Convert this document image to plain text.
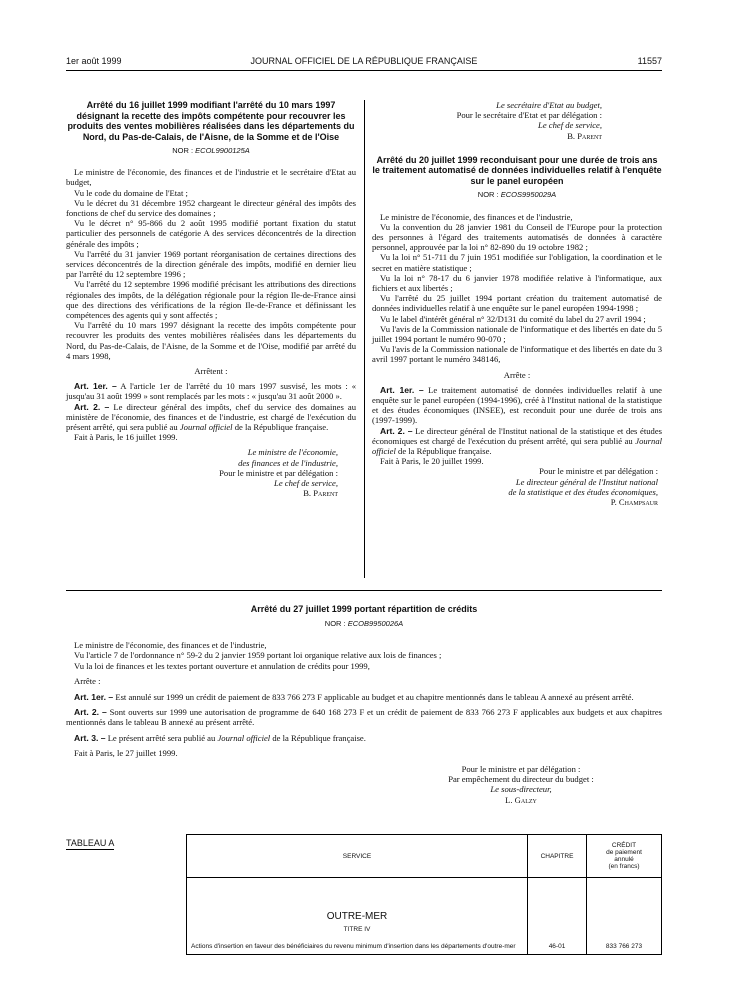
1er août 1999	JOURNAL OFFICIEL DE LA RÉPUBLIQUE FRANÇAISE	11557

Arrêté du 16 juillet 1999 modifiant l'arrêté du 10 mars 1997 désignant la recette des impôts compétente pour recouvrer les produits des ventes mobilières réalisées dans les départements du Nord, du Pas-de-Calais, de l'Aisne, de la Somme et de l'Oise

NOR : ECOL9900125A

Le ministre de l'économie, des finances et de l'industrie et le secrétaire d'Etat au budget,

Vu le code du domaine de l'Etat ;

Vu le décret du 31 décembre 1952 chargeant le directeur général des impôts des fonctions de chef du service des domaines ;

Vu le décret n° 95-866 du 2 août 1995 modifié portant fixation du statut particulier des personnels de catégorie A des services déconcentrés de la direction générale des impôts ;

Vu l'arrêté du 31 janvier 1969 portant réorganisation de certaines directions des services déconcentrés de la direction générale des impôts, modifié en dernier lieu par l'arrêté du 12 septembre 1996 ;

Vu l'arrêté du 12 septembre 1996 modifié précisant les attributions des directions régionales des impôts, de la délégation régionale pour la région Ile-de-France ainsi que des directions des vérifications de la région Ile-de-France et définissant les compétences des agents qui y sont affectés ;

Vu l'arrêté du 10 mars 1997 désignant la recette des impôts compétente pour recouvrer les produits des ventes mobilières réalisées dans les départements du Nord, du Pas-de-Calais, de l'Aisne, de la Somme et de l'Oise, modifié par arrêté du 4 mars 1998,

Arrêtent :

Art. 1er. – A l'article 1er de l'arrêté du 10 mars 1997 susvisé, les mots : « jusqu'au 31 août 1999 » sont remplacés par les mots : « jusqu'au 31 août 2000 ».

Art. 2. – Le directeur général des impôts, chef du service des domaines au ministère de l'économie, des finances et de l'industrie, est chargé de l'exécution du présent arrêté, qui sera publié au Journal officiel de la République française.

Fait à Paris, le 16 juillet 1999.

Le ministre de l'économie,
des finances et de l'industrie,
Pour le ministre et par délégation :
Le chef de service,
B. Parent
Le secrétaire d'Etat au budget,
Pour le secrétaire d'Etat et par délégation :
Le chef de service,
B. Parent

Arrêté du 20 juillet 1999 reconduisant pour une durée de trois ans le traitement automatisé de données individuelles relatif à l'enquête sur le panel européen

NOR : ECOS9950029A

Le ministre de l'économie, des finances et de l'industrie,

Vu la convention du 28 janvier 1981 du Conseil de l'Europe pour la protection des personnes à l'égard des traitements automatisés de données à caractère personnel, approuvée par la loi n° 82-890 du 19 octobre 1982 ;

Vu la loi n° 51-711 du 7 juin 1951 modifiée sur l'obligation, la coordination et le secret en matière statistique ;

Vu la loi n° 78-17 du 6 janvier 1978 modifiée relative à l'informatique, aux fichiers et aux libertés ;

Vu l'arrêté du 25 juillet 1994 portant création du traitement automatisé de données individuelles relatif à une enquête sur le panel européen 1994-1998 ;

Vu le label d'intérêt général n° 32/D131 du comité du label du 27 avril 1994 ;

Vu l'avis de la Commission nationale de l'informatique et des libertés en date du 5 juillet 1994 portant le numéro 90-070 ;

Vu l'avis de la Commission nationale de l'informatique et des libertés en date du 3 avril 1997 portant le numéro 348146,

Arrête :

Art. 1er. – Le traitement automatisé de données individuelles relatif à une enquête sur le panel européen (1994-1996), créé à l'Institut national de la statistique et des études économiques (INSEE), est reconduit pour une durée de trois ans (1997-1999).

Art. 2. – Le directeur général de l'Institut national de la statistique et des études économiques est chargé de l'exécution du présent arrêté, qui sera publié au Journal officiel de la République française.

Fait à Paris, le 20 juillet 1999.

Pour le ministre et par délégation :
Le directeur général de l'Institut national
de la statistique et des études économiques,
P. Champsaur

Arrêté du 27 juillet 1999 portant répartition de crédits

NOR : ECOB9950026A

Le ministre de l'économie, des finances et de l'industrie,

Vu l'article 7 de l'ordonnance n° 59-2 du 2 janvier 1959 portant loi organique relative aux lois de finances ;

Vu la loi de finances et les textes portant ouverture et annulation de crédits pour 1999,

Arrête :

Art. 1er. – Est annulé sur 1999 un crédit de paiement de 833 766 273 F applicable au budget et au chapitre mentionnés dans le tableau A annexé au présent arrêté.

Art. 2. – Sont ouverts sur 1999 une autorisation de programme de 640 168 273 F et un crédit de paiement de 833 766 273 F applicables aux budgets et aux chapitres mentionnés dans le tableau B annexé au présent arrêté.

Art. 3. – Le présent arrêté sera publié au Journal officiel de la République française.

Fait à Paris, le 27 juillet 1999.

Pour le ministre et par délégation :
Par empêchement du directeur du budget :
Le sous-directeur,
L. Galzy
TABLEAU A
SERVICE	CHAPITRE	CRÉDIT
de paiement
annulé
(en francs)

OUTRE-MER
TITRE IV
Actions d'insertion en faveur des bénéficiaires du revenu minimum d'insertion dans les départements d'outre-mer	46-01	833 766 273
